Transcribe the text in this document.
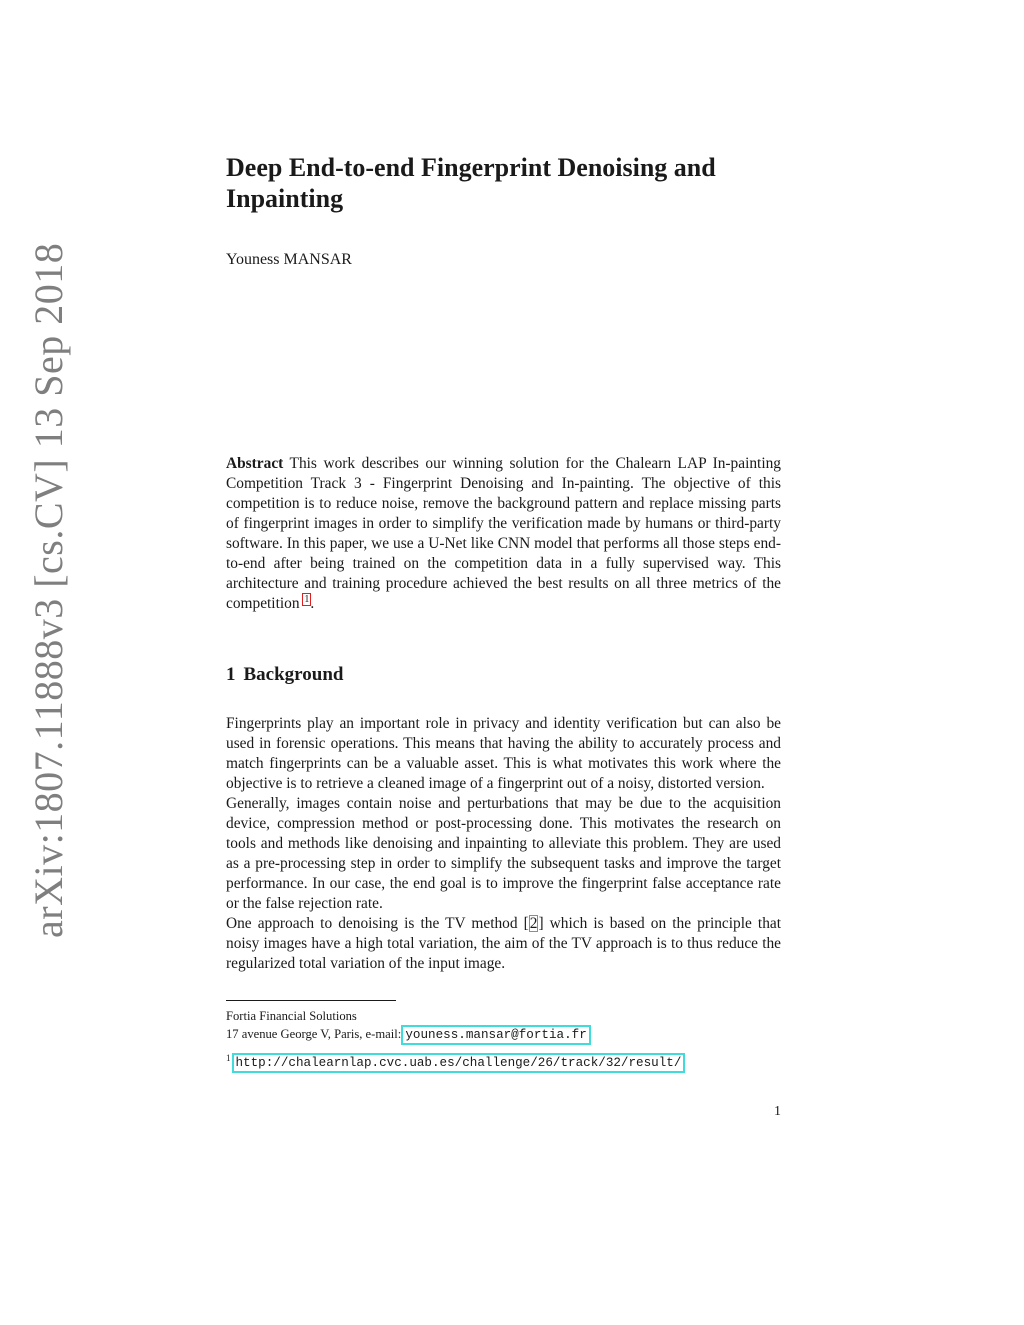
arXiv:1807.11888v3 [cs.CV] 13 Sep 2018
Deep End-to-end Fingerprint Denoising and Inpainting
Youness MANSAR

Abstract This work describes our winning solution for the Chalearn LAP In-painting Competition Track 3 - Fingerprint Denoising and In-painting. The objective of this competition is to reduce noise, remove the background pattern and replace missing parts of fingerprint images in order to simplify the verification made by humans or third-party software. In this paper, we use a U-Net like CNN model that performs all those steps end-to-end after being trained on the competition data in a fully supervised way. This architecture and training procedure achieved the best results on all three metrics of the competition $^1$.

1 Background

Fingerprints play an important role in privacy and identity verification but can also be used in forensic operations. This means that having the ability to accurately process and match fingerprints can be a valuable asset. This is what motivates this work where the objective is to retrieve a cleaned image of a fingerprint out of a noisy, distorted version.

Generally, images contain noise and perturbations that may be due to the acquisition device, compression method or post-processing done. This motivates the research on tools and methods like denoising and inpainting to alleviate this problem. They are used as a pre-processing step in order to simplify the subsequent tasks and improve the target performance. In our case, the end goal is to improve the fingerprint false acceptance rate or the false rejection rate.

One approach to denoising is the TV method [2] which is based on the principle that noisy images have a high total variation, the aim of the TV approach is to thus reduce the regularized total variation of the input image.

Fortia Financial Solutions
17 avenue George V, Paris, e-mail: youness.mansar@fortia.fr
$^1$ http://chalearnlap.cvc.uab.es/challenge/26/track/32/result/
1
